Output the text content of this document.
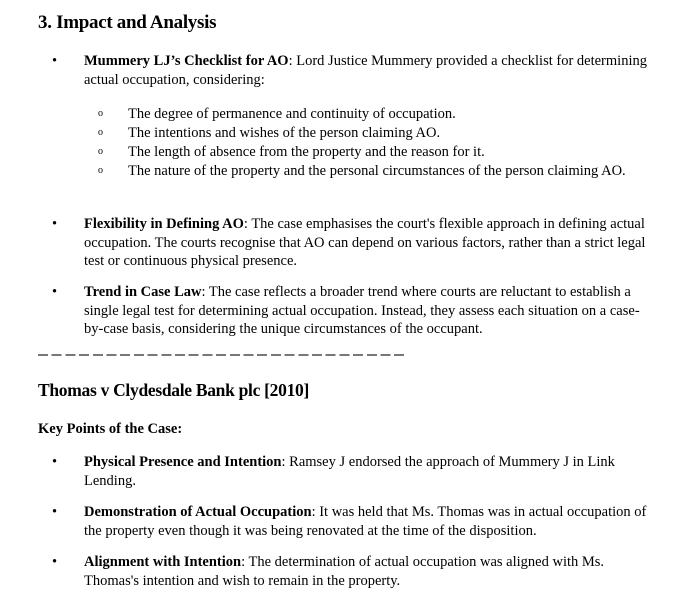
3. Impact and Analysis
•	Mummery LJ’s Checklist for AO: Lord Justice Mummery provided a checklist for determining actual occupation, considering:
o The degree of permanence and continuity of occupation.
o The intentions and wishes of the person claiming AO.
o The length of absence from the property and the reason for it.
o The nature of the property and the personal circumstances of the person claiming AO.
•	Flexibility in Defining AO: The case emphasises the court's flexible approach in defining actual occupation. The courts recognise that AO can depend on various factors, rather than a strict legal test or continuous physical presence.
•	Trend in Case Law: The case reflects a broader trend where courts are reluctant to establish a single legal test for determining actual occupation. Instead, they assess each situation on a case-by-case basis, considering the unique circumstances of the occupant.
Thomas v Clydesdale Bank plc [2010]
Key Points of the Case:
•	Physical Presence and Intention: Ramsey J endorsed the approach of Mummery J in Link Lending.
•	Demonstration of Actual Occupation: It was held that Ms. Thomas was in actual occupation of the property even though it was being renovated at the time of the disposition.
•	Alignment with Intention: The determination of actual occupation was aligned with Ms. Thomas's intention and wish to remain in the property.
